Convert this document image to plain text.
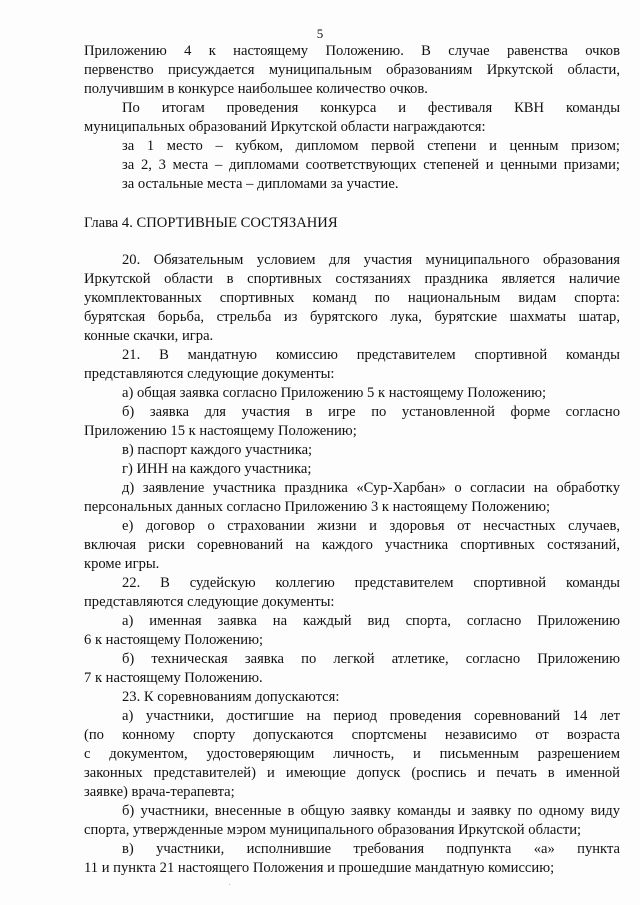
5
Приложению 4 к настоящему Положению. В случае равенства очков
первенство присуждается муниципальным образованиям Иркутской области,
получившим в конкурсе наибольшее количество очков.
По итогам проведения конкурса и фестиваля КВН команды
муниципальных образований Иркутской области награждаются:
за 1 место – кубком, дипломом первой степени и ценным призом;
за 2, 3 места – дипломами соответствующих степеней и ценными призами;
за остальные места – дипломами за участие.
Глава 4. СПОРТИВНЫЕ СОСТЯЗАНИЯ
20. Обязательным условием для участия муниципального образования
Иркутской области в спортивных состязаниях праздника является наличие
укомплектованных спортивных команд по национальным видам спорта:
бурятская борьба, стрельба из бурятского лука, бурятские шахматы шатар,
конные скачки, игра.
21. В мандатную комиссию представителем спортивной команды
представляются следующие документы:
а) общая заявка согласно Приложению 5 к настоящему Положению;
б) заявка для участия в игре по установленной форме согласно
Приложению 15 к настоящему Положению;
в) паспорт каждого участника;
г) ИНН на каждого участника;
д) заявление участника праздника «Сур-Харбан» о согласии на обработку
персональных данных согласно Приложению 3 к настоящему Положению;
е) договор о страховании жизни и здоровья от несчастных случаев,
включая риски соревнований на каждого участника спортивных состязаний,
кроме игры.
22. В судейскую коллегию представителем спортивной команды
представляются следующие документы:
а) именная заявка на каждый вид спорта, согласно Приложению
6 к настоящему Положению;
б) техническая заявка по легкой атлетике, согласно Приложению
7 к настоящему Положению.
23. К соревнованиям допускаются:
а) участники, достигшие на период проведения соревнований 14 лет
(по конному спорту допускаются спортсмены независимо от возраста
с документом, удостоверяющим личность, и письменным разрешением
законных представителей) и имеющие допуск (роспись и печать в именной
заявке) врача-терапевта;
б) участники, внесенные в общую заявку команды и заявку по одному виду
спорта, утвержденные мэром муниципального образования Иркутской области;
в) участники, исполнившие требования подпункта «а» пункта
11 и пункта 21 настоящего Положения и прошедшие мандатную комиссию;
·
